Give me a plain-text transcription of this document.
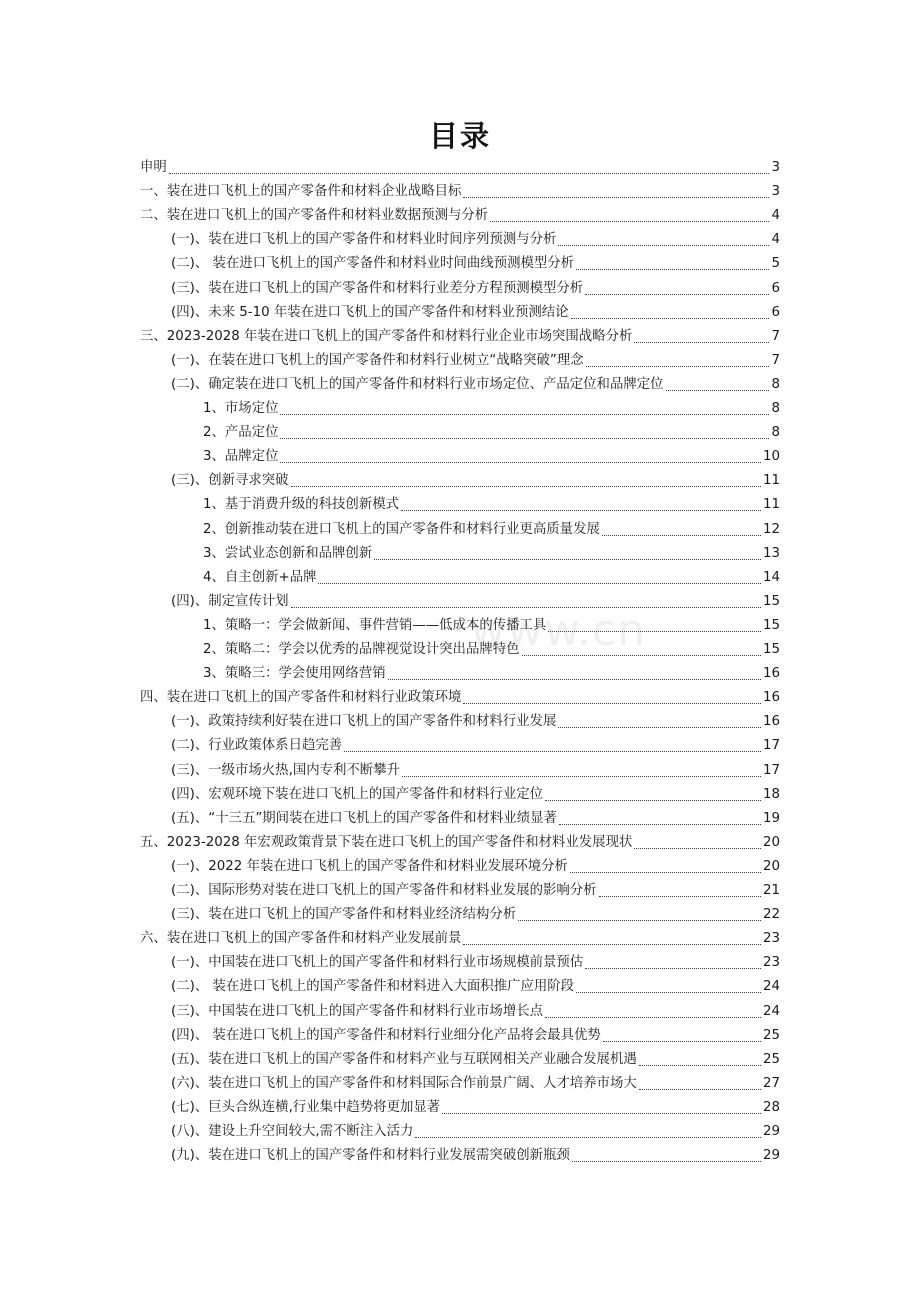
目录
www.cn
申明	3
一、装在进口飞机上的国产零备件和材料企业战略目标	3
二、装在进口飞机上的国产零备件和材料业数据预测与分析	4
(一)、装在进口飞机上的国产零备件和材料业时间序列预测与分析	4
(二)、 装在进口飞机上的国产零备件和材料业时间曲线预测模型分析	5
(三)、装在进口飞机上的国产零备件和材料行业差分方程预测模型分析	6
(四)、未来 5-10 年装在进口飞机上的国产零备件和材料业预测结论	6
三、2023-2028 年装在进口飞机上的国产零备件和材料行业企业市场突围战略分析	7
(一)、在装在进口飞机上的国产零备件和材料行业树立“战略突破”理念	7
(二)、确定装在进口飞机上的国产零备件和材料行业市场定位、产品定位和品牌定位	8
1、市场定位	8
2、产品定位	8
3、品牌定位	10
(三)、创新寻求突破	11
1、基于消费升级的科技创新模式	11
2、创新推动装在进口飞机上的国产零备件和材料行业更高质量发展	12
3、尝试业态创新和品牌创新	13
4、自主创新+品牌	14
(四)、制定宣传计划	15
1、策略一：学会做新闻、事件营销——低成本的传播工具	15
2、策略二：学会以优秀的品牌视觉设计突出品牌特色	15
3、策略三：学会使用网络营销	16
四、装在进口飞机上的国产零备件和材料行业政策环境	16
(一)、政策持续利好装在进口飞机上的国产零备件和材料行业发展	16
(二)、行业政策体系日趋完善	17
(三)、一级市场火热,国内专利不断攀升	17
(四)、宏观环境下装在进口飞机上的国产零备件和材料行业定位	18
(五)、“十三五”期间装在进口飞机上的国产零备件和材料业绩显著	19
五、2023-2028 年宏观政策背景下装在进口飞机上的国产零备件和材料业发展现状	20
(一)、2022 年装在进口飞机上的国产零备件和材料业发展环境分析	20
(二)、国际形势对装在进口飞机上的国产零备件和材料业发展的影响分析	21
(三)、装在进口飞机上的国产零备件和材料业经济结构分析	22
六、装在进口飞机上的国产零备件和材料产业发展前景	23
(一)、中国装在进口飞机上的国产零备件和材料行业市场规模前景预估	23
(二)、 装在进口飞机上的国产零备件和材料进入大面积推广应用阶段	24
(三)、中国装在进口飞机上的国产零备件和材料行业市场增长点	24
(四)、 装在进口飞机上的国产零备件和材料行业细分化产品将会最具优势	25
(五)、装在进口飞机上的国产零备件和材料产业与互联网相关产业融合发展机遇	25
(六)、装在进口飞机上的国产零备件和材料国际合作前景广阔、人才培养市场大	27
(七)、巨头合纵连横,行业集中趋势将更加显著	28
(八)、建设上升空间较大,需不断注入活力	29
(九)、装在进口飞机上的国产零备件和材料行业发展需突破创新瓶颈	29
